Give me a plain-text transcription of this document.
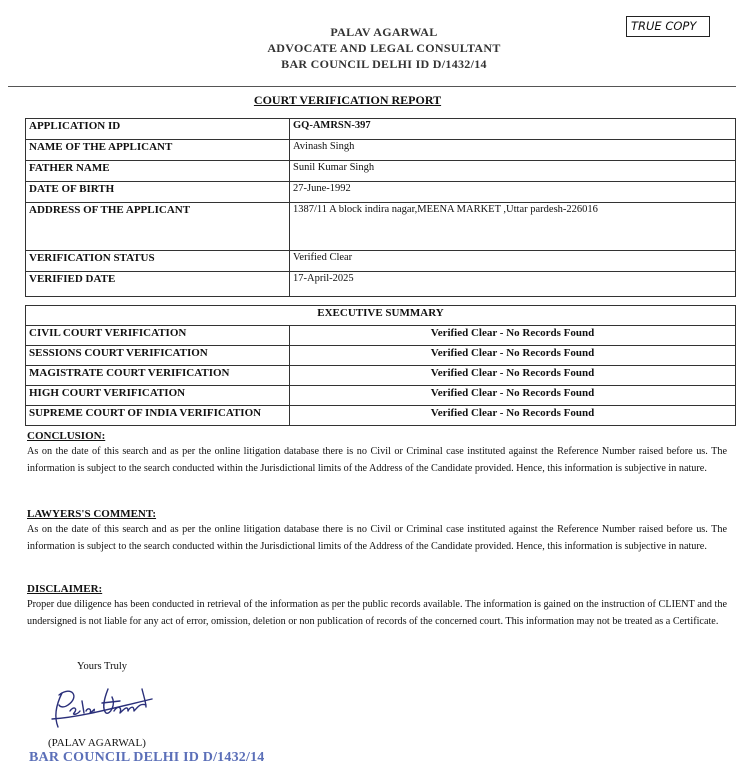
TRUE COPY
PALAV AGARWAL
ADVOCATE AND LEGAL CONSULTANT
BAR COUNCIL DELHI ID D/1432/14
COURT VERIFICATION REPORT
APPLICATION ID	GQ-AMRSN-397
NAME OF THE APPLICANT	Avinash Singh
FATHER NAME	Sunil Kumar Singh
DATE OF BIRTH	27-June-1992
ADDRESS OF THE APPLICANT	1387/11 A block indira nagar,MEENA MARKET ,Uttar pardesh-226016
VERIFICATION STATUS	Verified Clear
VERIFIED DATE	17-April-2025
EXECUTIVE SUMMARY	
CIVIL COURT VERIFICATION	Verified Clear - No Records Found
SESSIONS COURT VERIFICATION	Verified Clear - No Records Found
MAGISTRATE COURT VERIFICATION	Verified Clear - No Records Found
HIGH COURT VERIFICATION	Verified Clear - No Records Found
SUPREME COURT OF INDIA VERIFICATION	Verified Clear - No Records Found
CONCLUSION:

As on the date of this search and as per the online litigation database there is no Civil or Criminal case instituted against the Reference Number raised before us. The information is subject to the search conducted within the Jurisdictional limits of the Address of the Candidate provided. Hence, this information is subjective in nature.

LAWYERS'S COMMENT:

As on the date of this search and as per the online litigation database there is no Civil or Criminal case instituted against the Reference Number raised before us. The information is subject to the search conducted within the Jurisdictional limits of the Address of the Candidate provided. Hence, this information is subjective in nature.

DISCLAIMER:

Proper due diligence has been conducted in retrieval of the information as per the public records available. The information is gained on the instruction of CLIENT and the undersigned is not liable for any act of error, omission, deletion or non publication of records of the concerned court. This information may not be treated as a Certificate.

Yours Truly
(PALAV AGARWAL)
BAR COUNCIL DELHI ID D/1432/14
